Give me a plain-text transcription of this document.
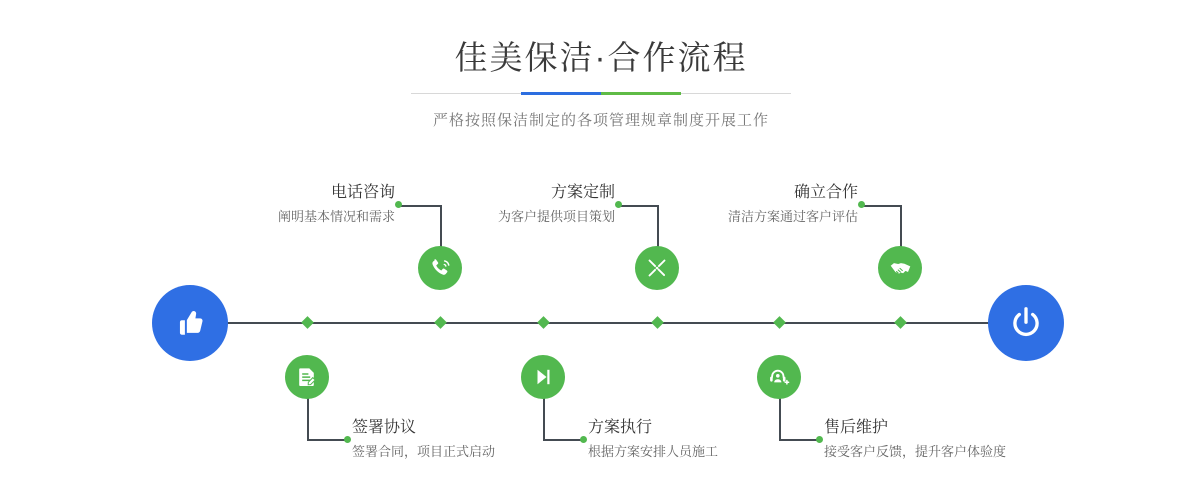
佳美保洁·合作流程
严格按照保洁制定的各项管理规章制度开展工作
电话咨询
阐明基本情况和需求
签署协议
签署合同，项目正式启动
方案定制
为客户提供项目策划
方案执行
根据方案安排人员施工
确立合作
清洁方案通过客户评估
售后维护
接受客户反馈，提升客户体验度
